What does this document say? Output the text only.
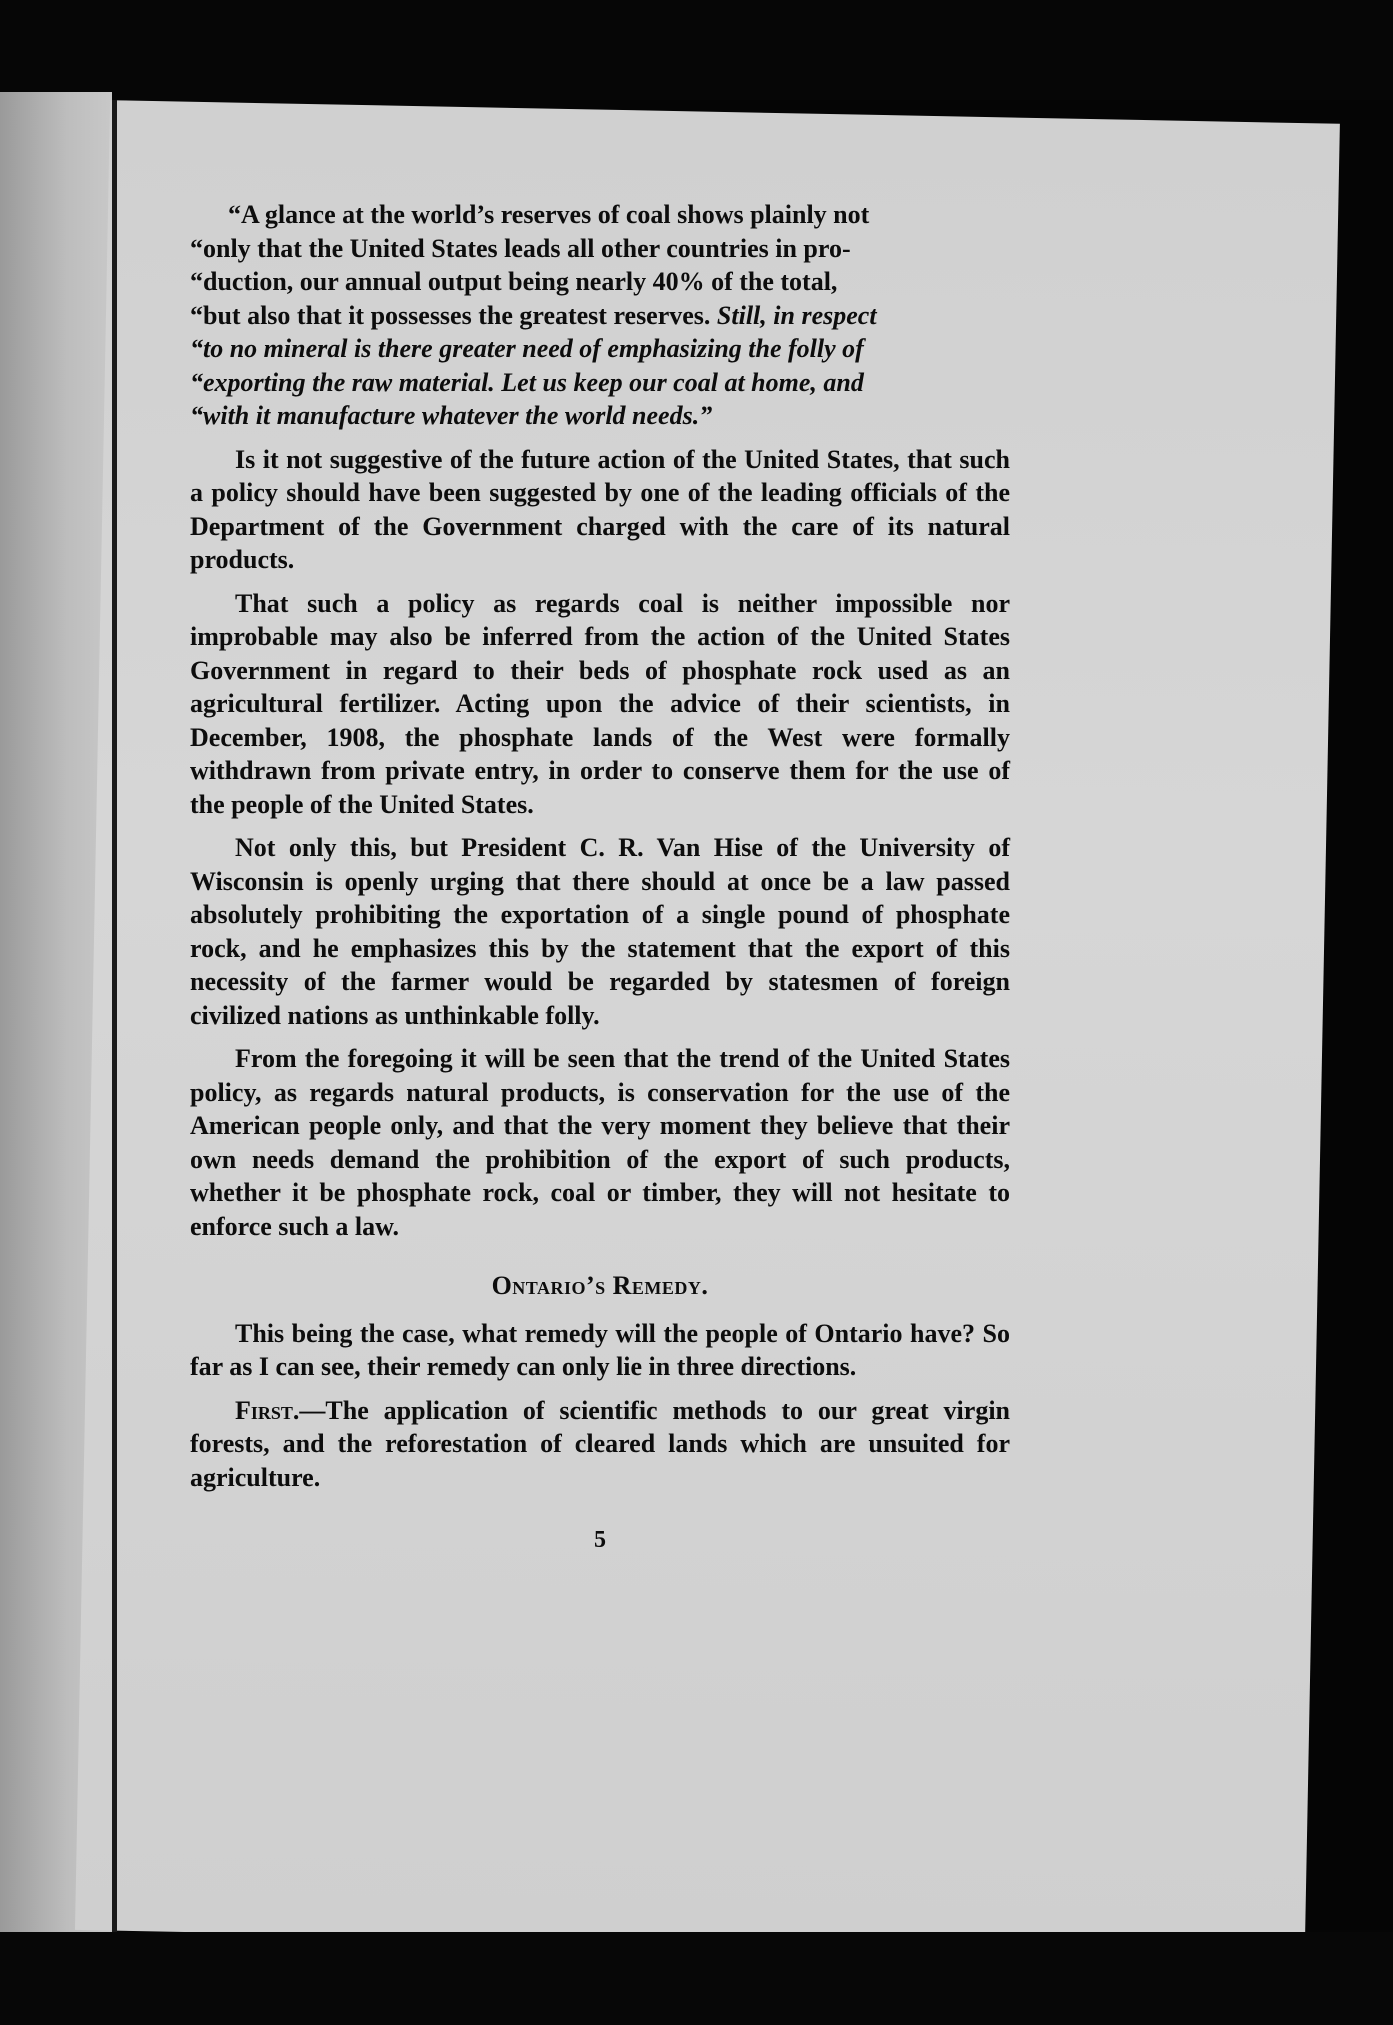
“A glance at the world’s reserves of coal shows plainly not
“only that the United States leads all other countries in pro-
“duction, our annual output being nearly 40% of the total,
“but also that it possesses the greatest reserves. Still, in respect
“to no mineral is there greater need of emphasizing the folly of
“exporting the raw material. Let us keep our coal at home, and
“with it manufacture whatever the world needs.”

Is it not suggestive of the future action of the United States, that such a policy should have been suggested by one of the leading officials of the Department of the Government charged with the care of its natural products.

That such a policy as regards coal is neither impossible nor improbable may also be inferred from the action of the United States Government in regard to their beds of phosphate rock used as an agricultural fertilizer. Acting upon the advice of their scientists, in December, 1908, the phosphate lands of the West were formally withdrawn from private entry, in order to conserve them for the use of the people of the United States.

Not only this, but President C. R. Van Hise of the University of Wisconsin is openly urging that there should at once be a law passed absolutely prohibiting the exportation of a single pound of phosphate rock, and he emphasizes this by the statement that the export of this necessity of the farmer would be regarded by statesmen of foreign civilized nations as unthinkable folly.

From the foregoing it will be seen that the trend of the United States policy, as regards natural products, is conservation for the use of the American people only, and that the very moment they believe that their own needs demand the prohibition of the export of such products, whether it be phosphate rock, coal or timber, they will not hesitate to enforce such a law.

Ontario’s Remedy.

This being the case, what remedy will the people of Ontario have? So far as I can see, their remedy can only lie in three directions.

First.—The application of scientific methods to our great virgin forests, and the reforestation of cleared lands which are unsuited for agriculture.

5
